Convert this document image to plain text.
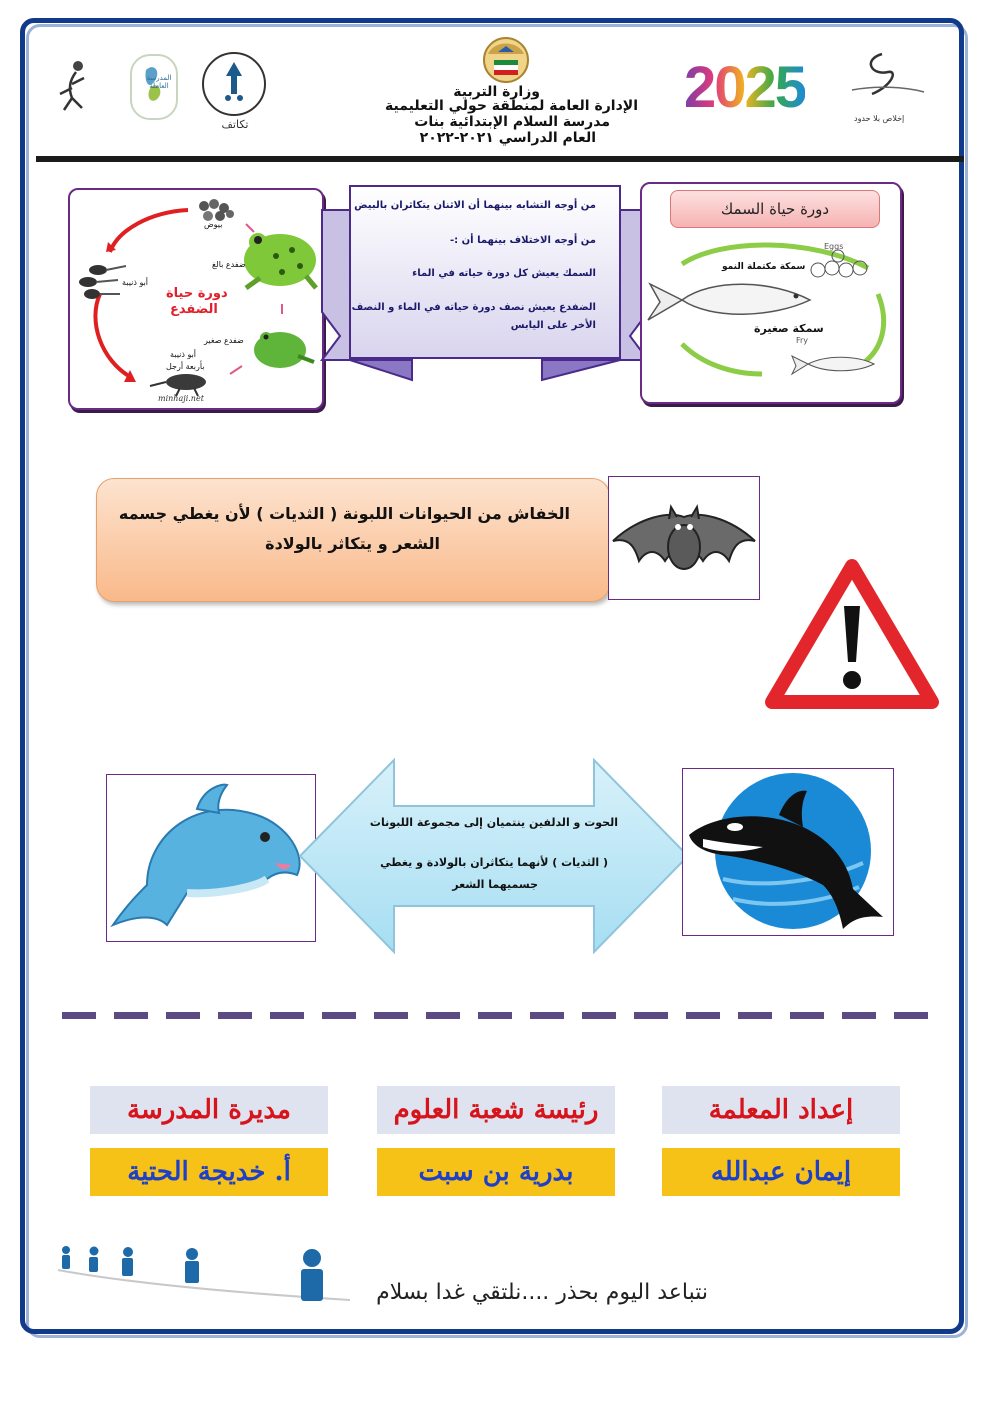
المدرسة العاملة
تكاتف
وزارة التربية
الإدارة العامة لمنطقة حولي التعليمية
مدرسة السلام الإبتدائية بنات
العام الدراسي ٢٠٢١-٢٠٢٢
2025	إخلاص بلا حدود
دورة حياة
الضفدع
بيوض
ضفدع بالغ
أبو ذنيبة
ضفدع صغير
أبو ذنيبة
بأربعة أرجل
minhaji.net
من أوجه التشابه بينهما أن الاثنان يتكاثران بالبيض
من أوجه الاختلاف بينهما أن :-
السمك يعيش كل دورة حياته في الماء
الضفدع يعيش نصف دورة حياته في الماء و النصف
الأخر على اليابس
Eggs
سمكة مكتملة النمو
سمكة صغيرة
Fry
دورة حياة السمك
الخفاش من الحيوانات اللبونة ( الثديات ) لأن يغطي جسمه
الشعر و يتكاثر بالولادة
الحوت و الدلفين ينتميان إلى مجموعة اللبونات
( الثديات ) لأنهما يتكاثران بالولادة و يغطي
جسميهما الشعر
إعداد المعلمة
إيمان عبدالله
رئيسة شعبة العلوم
بدرية بن سبت
مديرة المدرسة
أ. خديجة الحتية
نتباعد اليوم بحذر ....نلتقي غدا بسلام
